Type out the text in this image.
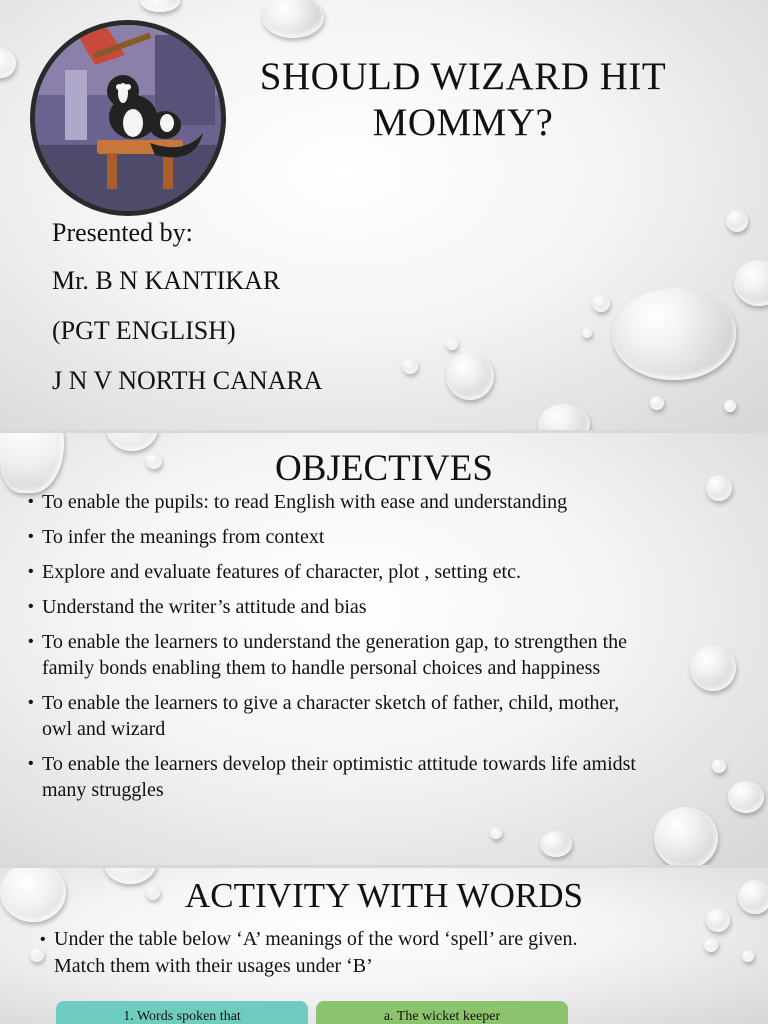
SHOULD WIZARD HIT
MOMMY?
Presented by:
Mr. B N KANTIKAR
(PGT ENGLISH)
J N V NORTH CANARA
OBJECTIVES
• To enable the pupils: to read English with ease and understanding
• To infer the meanings from context
• Explore and evaluate features of character, plot , setting etc.
• Understand the writer’s attitude and bias
• To enable the learners to understand the generation gap, to strengthen the family bonds enabling them to handle personal choices and happiness
• To enable the learners to give a character sketch of father, child, mother, owl and wizard
• To enable the learners develop their optimistic attitude towards life amidst many struggles
ACTIVITY WITH WORDS
• Under the table below ‘A’ meanings of the word ‘spell’ are given. Match them with their usages under ‘B’
1. Words spoken that	a. The wicket keeper
